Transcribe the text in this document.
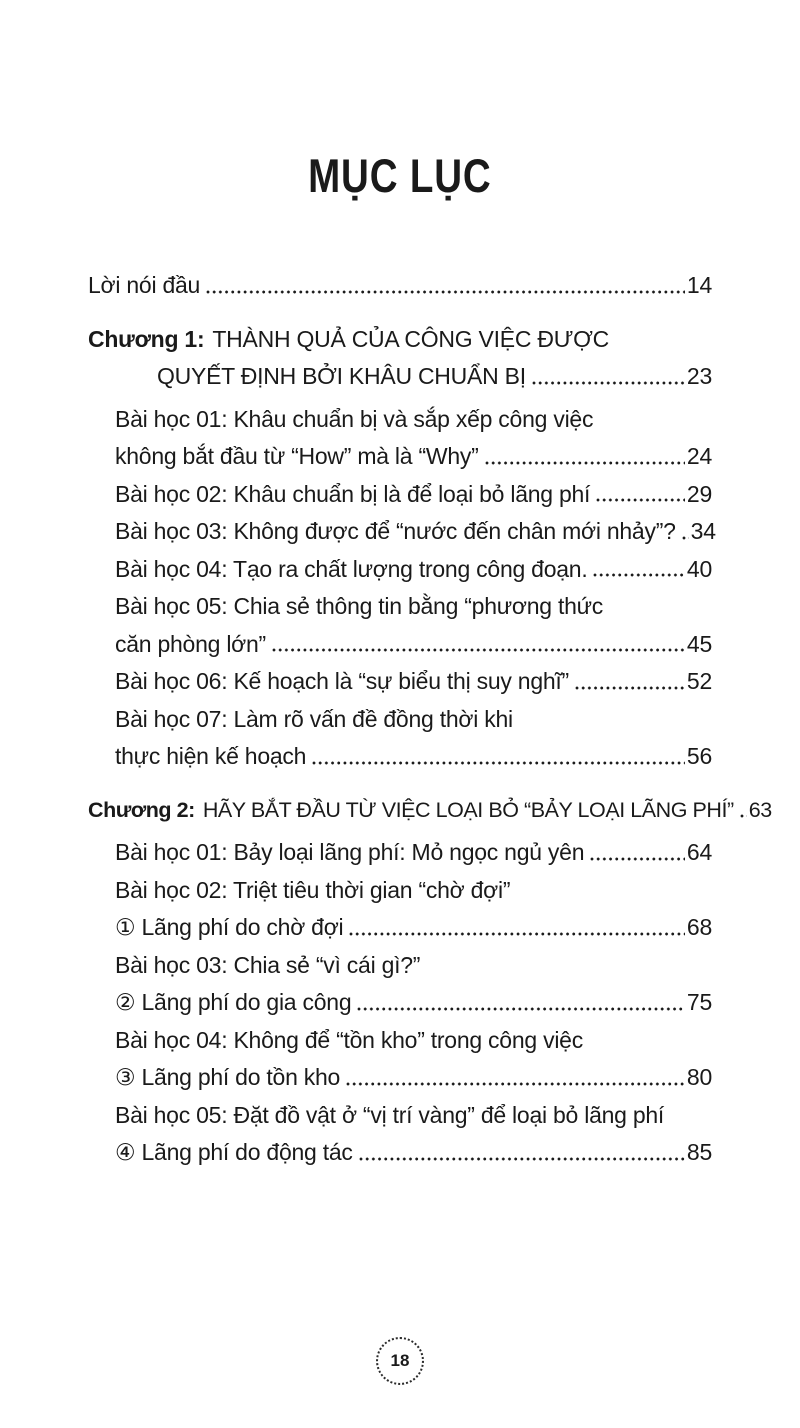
MỤC LỤC
Lời nói đầu	14
Chương 1: THÀNH QUẢ CỦA CÔNG VIỆC ĐƯỢC
QUYẾT ĐỊNH BỞI KHÂU CHUẨN BỊ	23
Bài học 01: Khâu chuẩn bị và sắp xếp công việc
không bắt đầu từ “How” mà là “Why”	24
Bài học 02: Khâu chuẩn bị là để loại bỏ lãng phí	29
Bài học 03: Không được để “nước đến chân mới nhảy”? 34
Bài học 04: Tạo ra chất lượng trong công đoạn.	40
Bài học 05: Chia sẻ thông tin bằng “phương thức
căn phòng lớn”	45
Bài học 06: Kế hoạch là “sự biểu thị suy nghĩ”	52
Bài học 07: Làm rõ vấn đề đồng thời khi
thực hiện kế hoạch	56
Chương 2: HÃY BẮT ĐẦU TỪ VIỆC LOẠI BỎ “BẢY LOẠI LÃNG PHÍ” 63
Bài học 01: Bảy loại lãng phí: Mỏ ngọc ngủ yên	64
Bài học 02: Triệt tiêu thời gian “chờ đợi”
① Lãng phí do chờ đợi	68
Bài học 03: Chia sẻ “vì cái gì?”
② Lãng phí do gia công	75
Bài học 04: Không để “tồn kho” trong công việc
③ Lãng phí do tồn kho	80
Bài học 05: Đặt đồ vật ở “vị trí vàng” để loại bỏ lãng phí
④ Lãng phí do động tác	85
18
